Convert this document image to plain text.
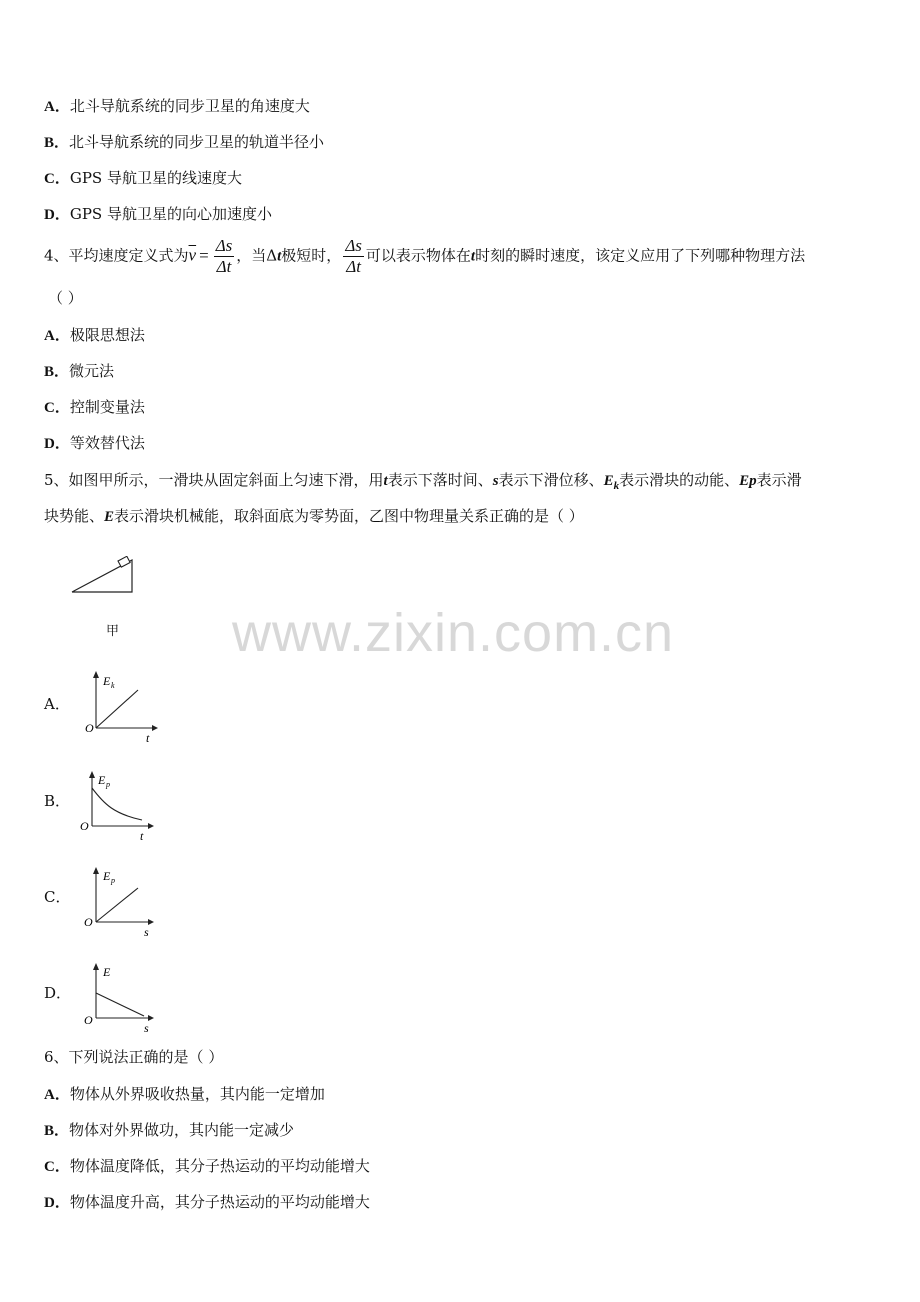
A．北斗导航系统的同步卫星的角速度大
B．北斗导航系统的同步卫星的轨道半径小
C．GPS 导航卫星的线速度大
D．GPS 导航卫星的向心加速度小
4、平均速度定义式为$\overline{v} = \frac{\Delta s}{\Delta t}$ ，当Δt极短时， $\frac{\Delta s}{\Delta t}$ 可以表示物体在t时刻的瞬时速度，该定义应用了下列哪种物理方法
（ ）
A．极限思想法
B．微元法
C．控制变量法
D．等效替代法
5、如图甲所示，一滑块从固定斜面上匀速下滑，用t表示下落时间、s表示下滑位移、$E_k$表示滑块的动能、Ep表示滑
块势能、E表示滑块机械能，取斜面底为零势面，乙图中物理量关系正确的是（ ）
甲 www.zixin.com.cn
A．
E k
O
t
B．
E p
O
t
C．
E p
O
s
D．
E
O
s
6、下列说法正确的是（ ）
A．物体从外界吸收热量，其内能一定增加
B．物体对外界做功，其内能一定减少
C．物体温度降低，其分子热运动的平均动能增大
D．物体温度升高，其分子热运动的平均动能增大
